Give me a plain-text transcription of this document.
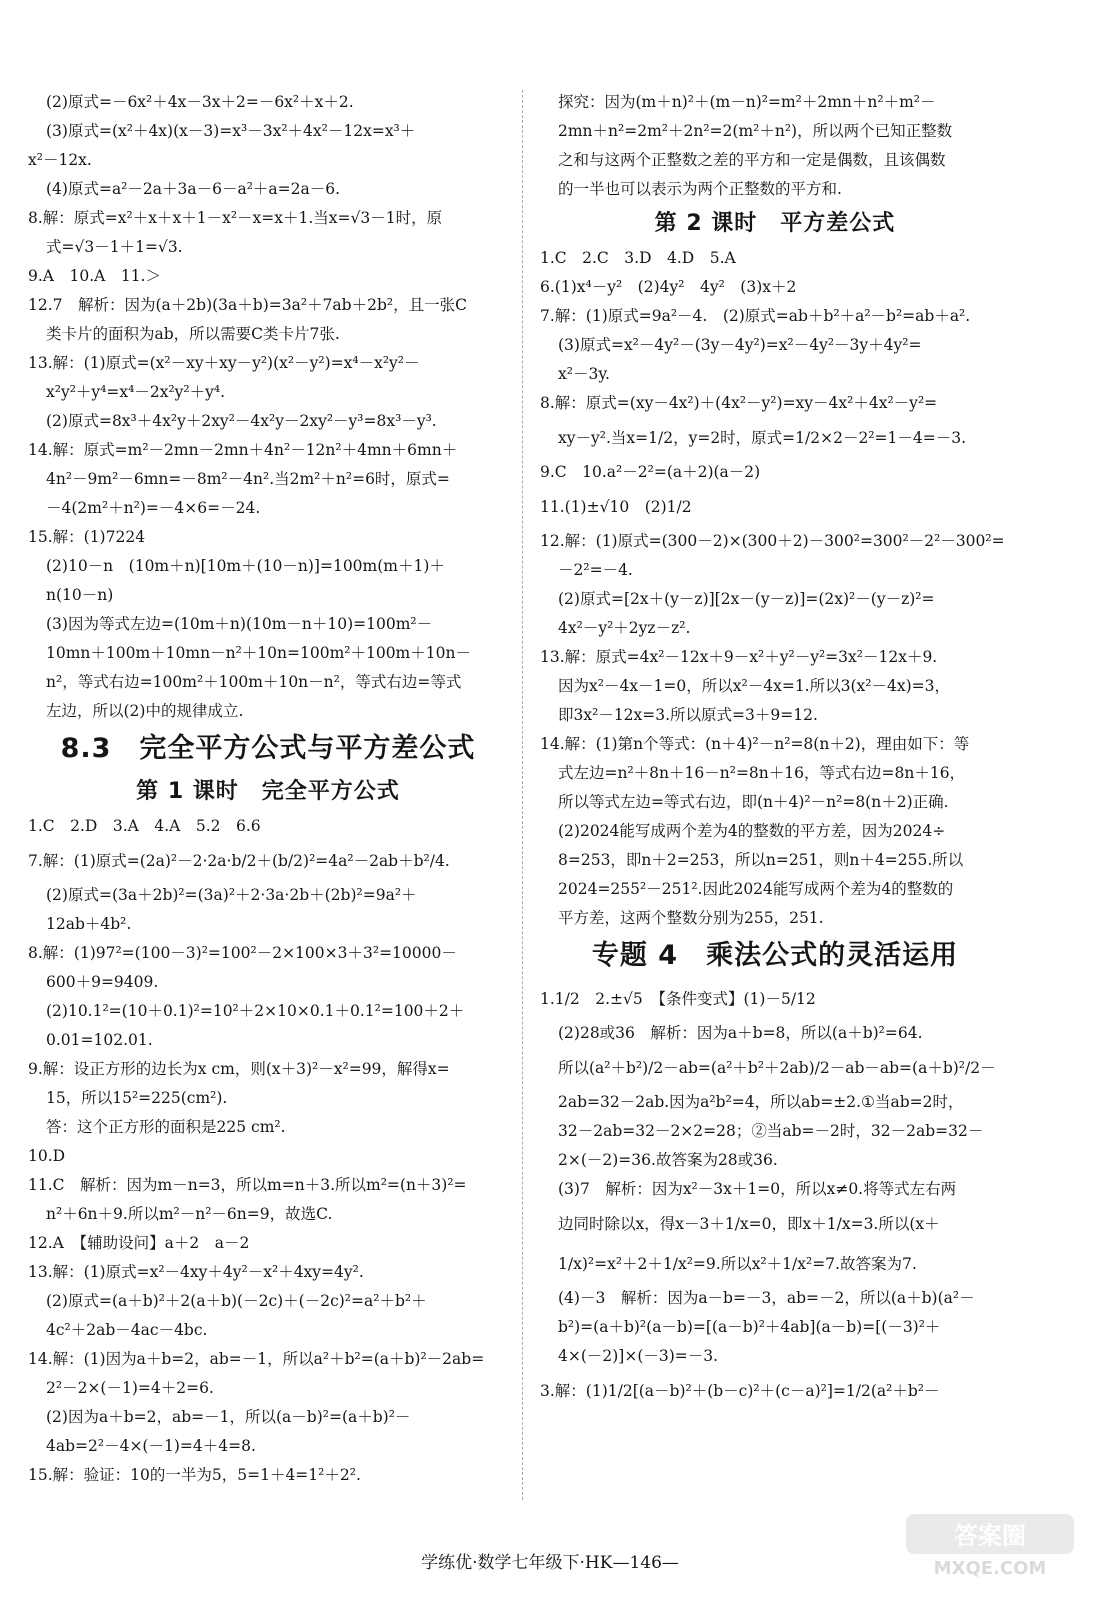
(2)原式=－6x²＋4x－3x＋2=－6x²＋x＋2.
(3)原式=(x²＋4x)(x－3)=x³－3x²＋4x²－12x=x³＋
x²－12x.
(4)原式=a²－2a＋3a－6－a²＋a=2a－6.
8.解：原式=x²＋x＋x＋1－x²－x=x＋1.当x=√3－1时，原
式=√3－1＋1=√3.
9.A　10.A　11.＞
12.7　解析：因为(a＋2b)(3a＋b)=3a²＋7ab＋2b²，且一张C
类卡片的面积为ab，所以需要C类卡片7张.
13.解：(1)原式=(x²－xy＋xy－y²)(x²－y²)=x⁴－x²y²－
x²y²＋y⁴=x⁴－2x²y²＋y⁴.
(2)原式=8x³＋4x²y＋2xy²－4x²y－2xy²－y³=8x³－y³.
14.解：原式=m²－2mn－2mn＋4n²－12n²＋4mn＋6mn＋
4n²－9m²－6mn=－8m²－4n².当2m²＋n²=6时，原式=
－4(2m²＋n²)=－4×6=－24.
15.解：(1)7224
(2)10－n　(10m＋n)[10m＋(10－n)]=100m(m＋1)＋
n(10－n)
(3)因为等式左边=(10m＋n)(10m－n＋10)=100m²－
10mn＋100m＋10mn－n²＋10n=100m²＋100m＋10n－
n²，等式右边=100m²＋100m＋10n－n²，等式右边=等式
左边，所以(2)中的规律成立.
8.3　完全平方公式与平方差公式
第 1 课时　完全平方公式
1.C　2.D　3.A　4.A　5.2　6.6
7.解：(1)原式=(2a)²－2·2a·b/2＋(b/2)²=4a²－2ab＋b²/4.
(2)原式=(3a＋2b)²=(3a)²＋2·3a·2b＋(2b)²=9a²＋
12ab＋4b².
8.解：(1)97²=(100－3)²=100²－2×100×3＋3²=10000－
600＋9=9409.
(2)10.1²=(10＋0.1)²=10²＋2×10×0.1＋0.1²=100＋2＋
0.01=102.01.
9.解：设正方形的边长为x cm，则(x＋3)²－x²=99，解得x=
15，所以15²=225(cm²).
答：这个正方形的面积是225 cm².
10.D
11.C　解析：因为m－n=3，所以m=n＋3.所以m²=(n＋3)²=
n²＋6n＋9.所以m²－n²－6n=9，故选C.
12.A　【辅助设问】a＋2　a－2
13.解：(1)原式=x²－4xy＋4y²－x²＋4xy=4y².
(2)原式=(a＋b)²＋2(a＋b)(－2c)＋(－2c)²=a²＋b²＋
4c²＋2ab－4ac－4bc.
14.解：(1)因为a＋b=2，ab=－1，所以a²＋b²=(a＋b)²－2ab=
2²－2×(－1)=4＋2=6.
(2)因为a＋b=2，ab=－1，所以(a－b)²=(a＋b)²－
4ab=2²－4×(－1)=4＋4=8.
15.解：验证：10的一半为5，5=1＋4=1²＋2².
探究：因为(m＋n)²＋(m－n)²=m²＋2mn＋n²＋m²－
2mn＋n²=2m²＋2n²=2(m²＋n²)，所以两个已知正整数
之和与这两个正整数之差的平方和一定是偶数，且该偶数
的一半也可以表示为两个正整数的平方和.
第 2 课时　平方差公式
1.C　2.C　3.D　4.D　5.A
6.(1)x⁴－y²　(2)4y²　4y²　(3)x＋2
7.解：(1)原式=9a²－4.　(2)原式=ab＋b²＋a²－b²=ab＋a².
(3)原式=x²－4y²－(3y－4y²)=x²－4y²－3y＋4y²=
x²－3y.
8.解：原式=(xy－4x²)＋(4x²－y²)=xy－4x²＋4x²－y²=
xy－y².当x=1/2，y=2时，原式=1/2×2－2²=1－4=－3.
9.C　10.a²－2²=(a＋2)(a－2)
11.(1)±√10　(2)1/2
12.解：(1)原式=(300－2)×(300＋2)－300²=300²－2²－300²=
－2²=－4.
(2)原式=[2x＋(y－z)][2x－(y－z)]=(2x)²－(y－z)²=
4x²－y²＋2yz－z².
13.解：原式=4x²－12x＋9－x²＋y²－y²=3x²－12x＋9.
因为x²－4x－1=0，所以x²－4x=1.所以3(x²－4x)=3，
即3x²－12x=3.所以原式=3＋9=12.
14.解：(1)第n个等式：(n＋4)²－n²=8(n＋2)，理由如下：等
式左边=n²＋8n＋16－n²=8n＋16，等式右边=8n＋16，
所以等式左边=等式右边，即(n＋4)²－n²=8(n＋2)正确.
(2)2024能写成两个差为4的整数的平方差，因为2024÷
8=253，即n＋2=253，所以n=251，则n＋4=255.所以
2024=255²－251².因此2024能写成两个差为4的整数的
平方差，这两个整数分别为255，251.
专题 4　乘法公式的灵活运用
1.1/2　2.±√5　【条件变式】(1)－5/12
(2)28或36　解析：因为a＋b=8，所以(a＋b)²=64.
所以(a²＋b²)/2－ab=(a²＋b²＋2ab)/2－ab－ab=(a＋b)²/2－
2ab=32－2ab.因为a²b²=4，所以ab=±2.①当ab=2时，
32－2ab=32－2×2=28；②当ab=－2时，32－2ab=32－
2×(－2)=36.故答案为28或36.
(3)7　解析：因为x²－3x＋1=0，所以x≠0.将等式左右两
边同时除以x，得x－3＋1/x=0，即x＋1/x=3.所以(x＋
1/x)²=x²＋2＋1/x²=9.所以x²＋1/x²=7.故答案为7.
(4)－3　解析：因为a－b=－3，ab=－2，所以(a＋b)(a²－
b²)=(a＋b)²(a－b)=[(a－b)²＋4ab](a－b)=[(－3)²＋
4×(－2)]×(－3)=－3.
3.解：(1)1/2[(a－b)²＋(b－c)²＋(c－a)²]=1/2(a²＋b²－
学练优·数学七年级下·HK—146—
答案圈
MXQE.COM
